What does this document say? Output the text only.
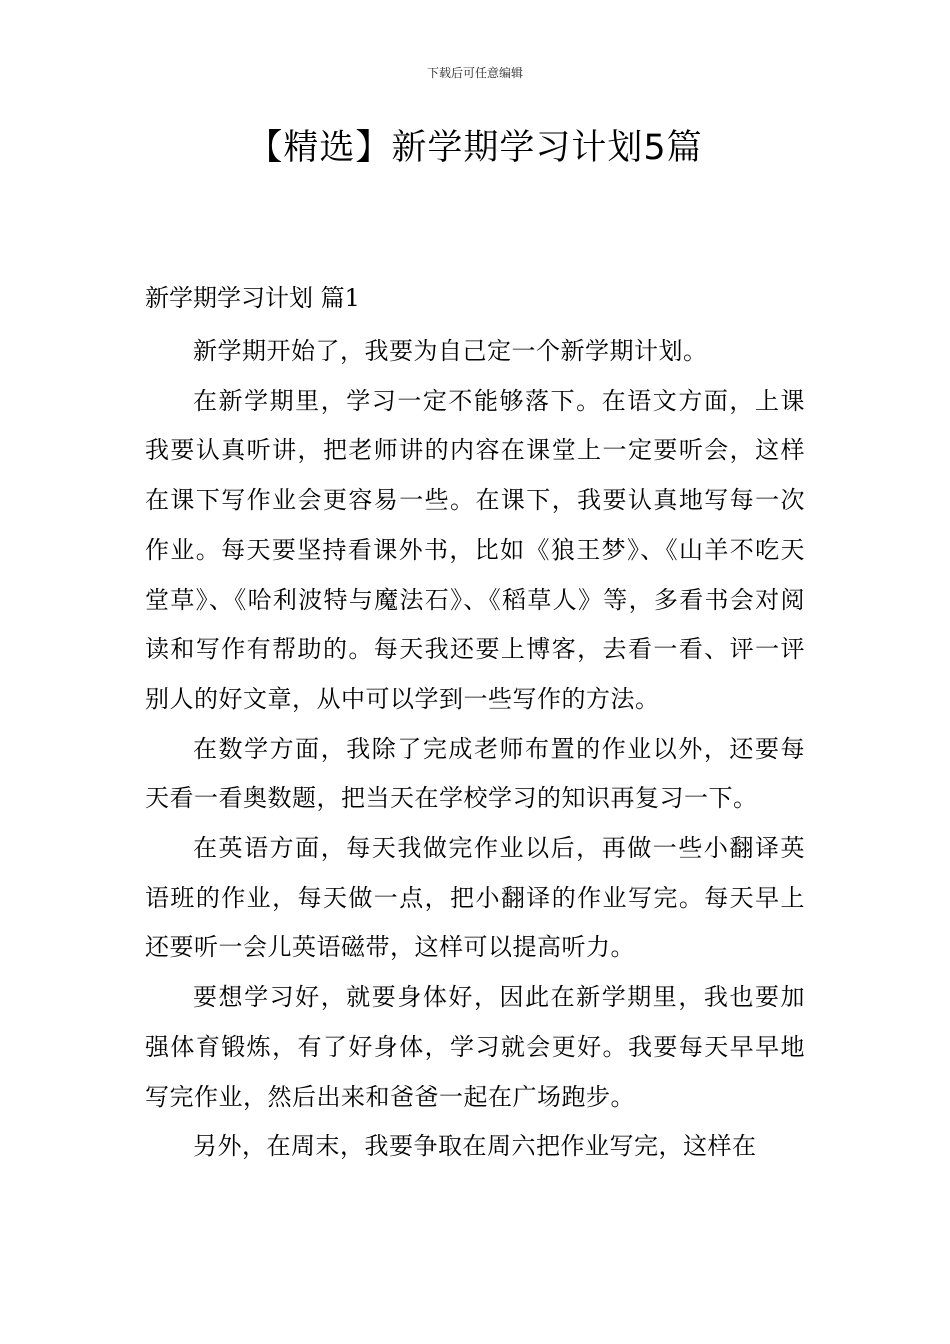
下载后可任意编辑
【精选】新学期学习计划5篇
新学期学习计划 篇1

新学期开始了，我要为自己定一个新学期计划。

在新学期里，学习一定不能够落下。在语文方面，上课我要认真听讲，把老师讲的内容在课堂上一定要听会，这样在课下写作业会更容易一些。在课下，我要认真地写每一次作业。每天要坚持看课外书，比如《狼王梦》、《山羊不吃天堂草》、《哈利波特与魔法石》、《稻草人》等，多看书会对阅读和写作有帮助的。每天我还要上博客，去看一看、评一评别人的好文章，从中可以学到一些写作的方法。

在数学方面，我除了完成老师布置的作业以外，还要每天看一看奥数题，把当天在学校学习的知识再复习一下。

在英语方面，每天我做完作业以后，再做一些小翻译英语班的作业，每天做一点，把小翻译的作业写完。每天早上还要听一会儿英语磁带，这样可以提高听力。

要想学习好，就要身体好，因此在新学期里，我也要加强体育锻炼，有了好身体，学习就会更好。我要每天早早地写完作业，然后出来和爸爸一起在广场跑步。

另外，在周末，我要争取在周六把作业写完，这样在
